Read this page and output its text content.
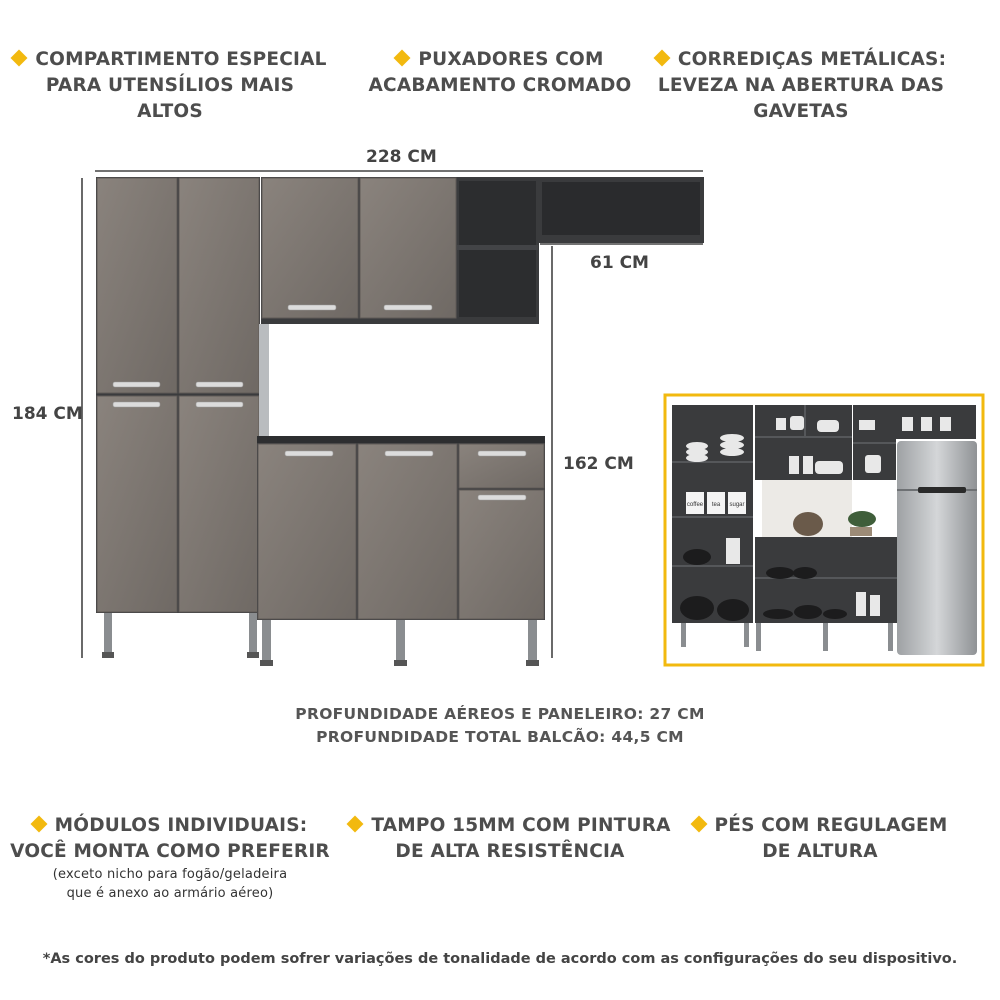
COMPARTIMENTO ESPECIAL
PARA UTENSÍLIOS MAIS ALTOS
PUXADORES COM
ACABAMENTO CROMADO
CORREDIÇAS METÁLICAS:
LEVEZA NA ABERTURA DAS GAVETAS
coffee tea sugar
228 CM
61 CM
184 CM
162 CM
PROFUNDIDADE AÉREOS E PANELEIRO: 27 CM
PROFUNDIDADE TOTAL BALCÃO: 44,5 CM
MÓDULOS INDIVIDUAIS:
VOCÊ MONTA COMO PREFERIR
(exceto nicho para fogão/geladeira
que é anexo ao armário aéreo)
TAMPO 15MM COM PINTURA
DE ALTA RESISTÊNCIA
PÉS COM REGULAGEM
DE ALTURA
*As cores do produto podem sofrer variações de tonalidade de acordo com as configurações do seu dispositivo.
